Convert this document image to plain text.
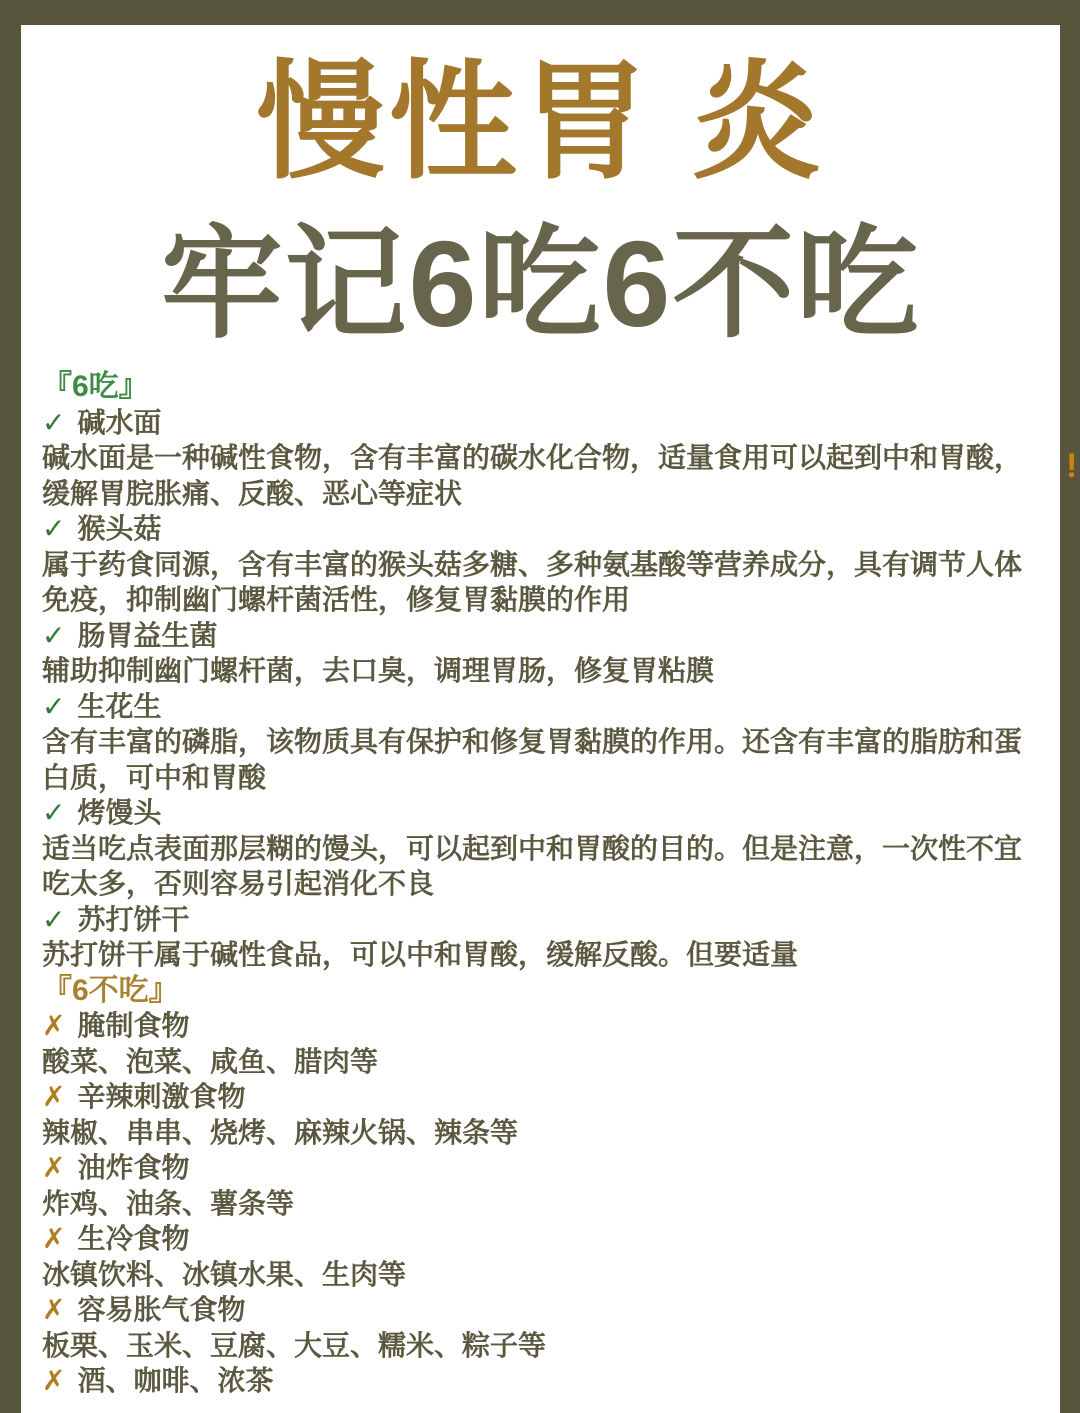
!
慢性胃 炎
牢记6吃6不吃
『6吃』
✓ 碱水面
碱水面是一种碱性食物，含有丰富的碳水化合物，适量食用可以起到中和胃酸，
缓解胃脘胀痛、反酸、恶心等症状
✓ 猴头菇
属于药食同源，含有丰富的猴头菇多糖、多种氨基酸等营养成分，具有调节人体
免疫，抑制幽门螺杆菌活性，修复胃黏膜的作用
✓ 肠胃益生菌
辅助抑制幽门螺杆菌，去口臭，调理胃肠，修复胃粘膜
✓ 生花生
含有丰富的磷脂，该物质具有保护和修复胃黏膜的作用。还含有丰富的脂肪和蛋
白质，可中和胃酸
✓ 烤馒头
适当吃点表面那层糊的馒头，可以起到中和胃酸的目的。但是注意，一次性不宜
吃太多，否则容易引起消化不良
✓ 苏打饼干
苏打饼干属于碱性食品，可以中和胃酸，缓解反酸。但要适量
『6不吃』
✗ 腌制食物
酸菜、泡菜、咸鱼、腊肉等
✗ 辛辣刺激食物
辣椒、串串、烧烤、麻辣火锅、辣条等
✗ 油炸食物
炸鸡、油条、薯条等
✗ 生冷食物
冰镇饮料、冰镇水果、生肉等
✗ 容易胀气食物
板栗、玉米、豆腐、大豆、糯米、粽子等
✗ 酒、咖啡、浓茶
